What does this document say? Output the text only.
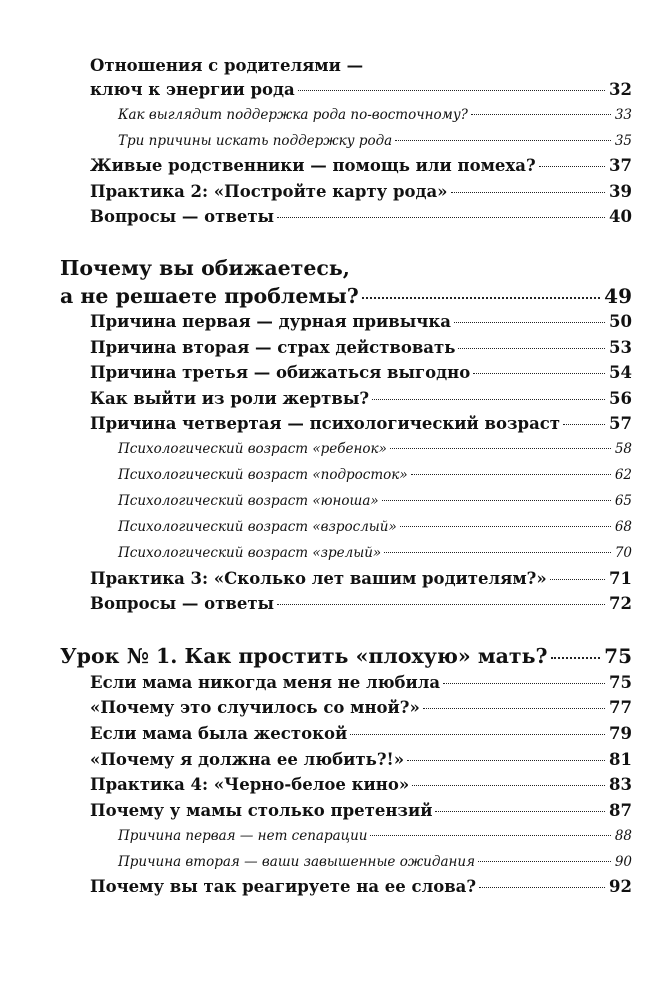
Отношения с родителями —
ключ к энергии рода	32
Как выглядит поддержка рода по-восточному?	33
Три причины искать поддержку рода	35
Живые родственники — помощь или помеха?	37
Практика 2: «Постройте карту рода»	39
Вопросы — ответы	40
Почему вы обижаетесь,
а не решаете проблемы?	49
Причина первая — дурная привычка	50
Причина вторая — страх действовать	53
Причина третья — обижаться выгодно	54
Как выйти из роли жертвы?	56
Причина четвертая — психологический возраст	57
Психологический возраст «ребенок»	58
Психологический возраст «подросток»	62
Психологический возраст «юноша»	65
Психологический возраст «взрослый»	68
Психологический возраст «зрелый»	70
Практика 3: «Сколько лет вашим родителям?»	71
Вопросы — ответы	72
Урок № 1. Как простить «плохую» мать?	75
Если мама никогда меня не любила	75
«Почему это случилось со мной?»	77
Если мама была жестокой	79
«Почему я должна ее любить?!»	81
Практика 4: «Черно-белое кино»	83
Почему у мамы столько претензий	87
Причина первая — нет сепарации	88
Причина вторая — ваши завышенные ожидания	90
Почему вы так реагируете на ее слова?	92
